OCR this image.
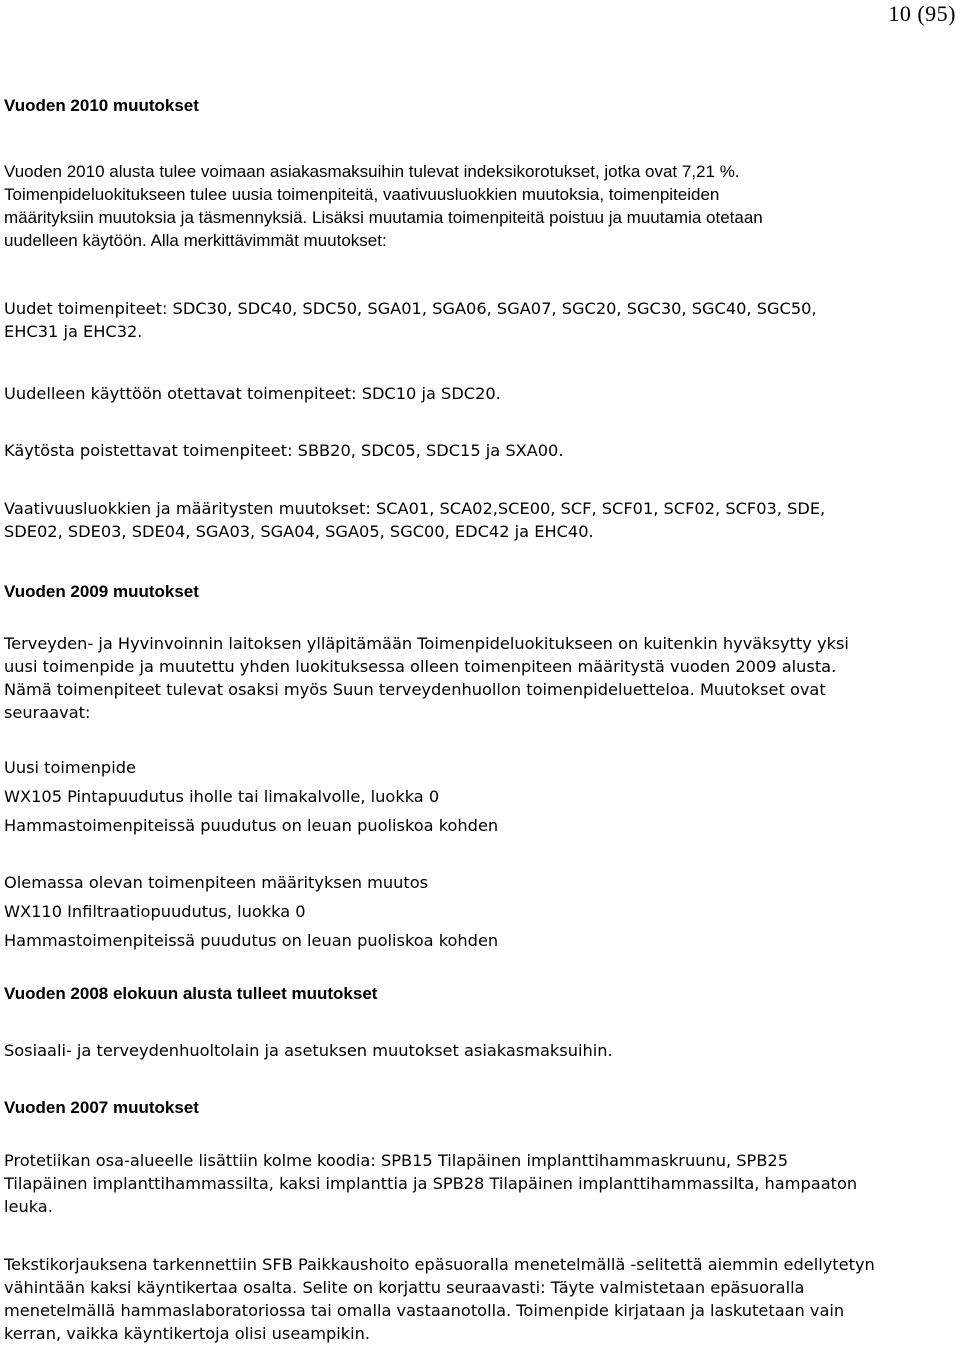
10 (95)
Vuoden 2010 muutokset
Vuoden 2010 alusta tulee voimaan asiakasmaksuihin tulevat indeksikorotukset, jotka ovat 7,21 %.
Toimenpideluokitukseen tulee uusia toimenpiteitä, vaativuusluokkien muutoksia, toimenpiteiden
määrityksiin muutoksia ja täsmennyksiä. Lisäksi muutamia toimenpiteitä poistuu ja muutamia otetaan
uudelleen käytöön. Alla merkittävimmät muutokset:
Uudet toimenpiteet: SDC30, SDC40, SDC50, SGA01, SGA06, SGA07, SGC20, SGC30, SGC40, SGC50,
EHC31 ja EHC32.
Uudelleen käyttöön otettavat toimenpiteet: SDC10 ja SDC20.
Käytösta poistettavat toimenpiteet: SBB20, SDC05, SDC15 ja SXA00.
Vaativuusluokkien ja määritysten muutokset: SCA01, SCA02,SCE00, SCF, SCF01, SCF02, SCF03, SDE,
SDE02, SDE03, SDE04, SGA03, SGA04, SGA05, SGC00, EDC42 ja EHC40.
Vuoden 2009 muutokset
Terveyden- ja Hyvinvoinnin laitoksen ylläpitämään Toimenpideluokitukseen on kuitenkin hyväksytty yksi
uusi toimenpide ja muutettu yhden luokituksessa olleen toimenpiteen määritystä vuoden 2009 alusta.
Nämä toimenpiteet tulevat osaksi myös Suun terveydenhuollon toimenpideluetteloa. Muutokset ovat
seuraavat:
Uusi toimenpide
WX105 Pintapuudutus iholle tai limakalvolle, luokka 0
Hammastoimenpiteissä puudutus on leuan puoliskoa kohden
Olemassa olevan toimenpiteen määrityksen muutos
WX110 Infiltraatiopuudutus, luokka 0
Hammastoimenpiteissä puudutus on leuan puoliskoa kohden
Vuoden 2008 elokuun alusta tulleet muutokset
Sosiaali- ja terveydenhuoltolain ja asetuksen muutokset asiakasmaksuihin.
Vuoden 2007 muutokset
Protetiikan osa-alueelle lisättiin kolme koodia: SPB15 Tilapäinen implanttihammaskruunu, SPB25
Tilapäinen implanttihammassilta, kaksi implanttia ja SPB28 Tilapäinen implanttihammassilta, hampaaton
leuka.
Tekstikorjauksena tarkennettiin SFB Paikkaushoito epäsuoralla menetelmällä -selitettä aiemmin edellytetyn
vähintään kaksi käyntikertaa osalta. Selite on korjattu seuraavasti: Täyte valmistetaan epäsuoralla
menetelmällä hammaslaboratoriossa tai omalla vastaanotolla. Toimenpide kirjataan ja laskutetaan vain
kerran, vaikka käyntikertoja olisi useampikin.
